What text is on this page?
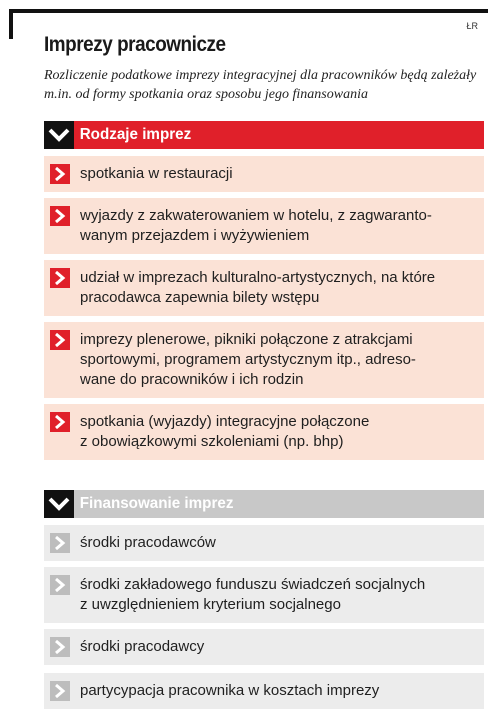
ŁR
Imprezy pracownicze

Rozliczenie podatkowe imprezy integracyjnej dla pracowników będą zależały m.in. od formy spotkania oraz sposobu jego finansowania

Rodzaje imprez
spotkania w restauracji
wyjazdy z zakwaterowaniem w hotelu, z zagwaranto-
wanym przejazdem i wyżywieniem
udział w imprezach kulturalno-artystycznych, na które
pracodawca zapewnia bilety wstępu
imprezy plenerowe, pikniki połączone z atrakcjami
sportowymi, programem artystycznym itp., adreso-
wane do pracowników i ich rodzin
spotkania (wyjazdy) integracyjne połączone
z obowiązkowymi szkoleniami (np. bhp)
Finansowanie imprez
środki pracodawców
środki zakładowego funduszu świadczeń socjalnych
z uwzględnieniem kryterium socjalnego
środki pracodawcy
partycypacja pracownika w kosztach imprezy
